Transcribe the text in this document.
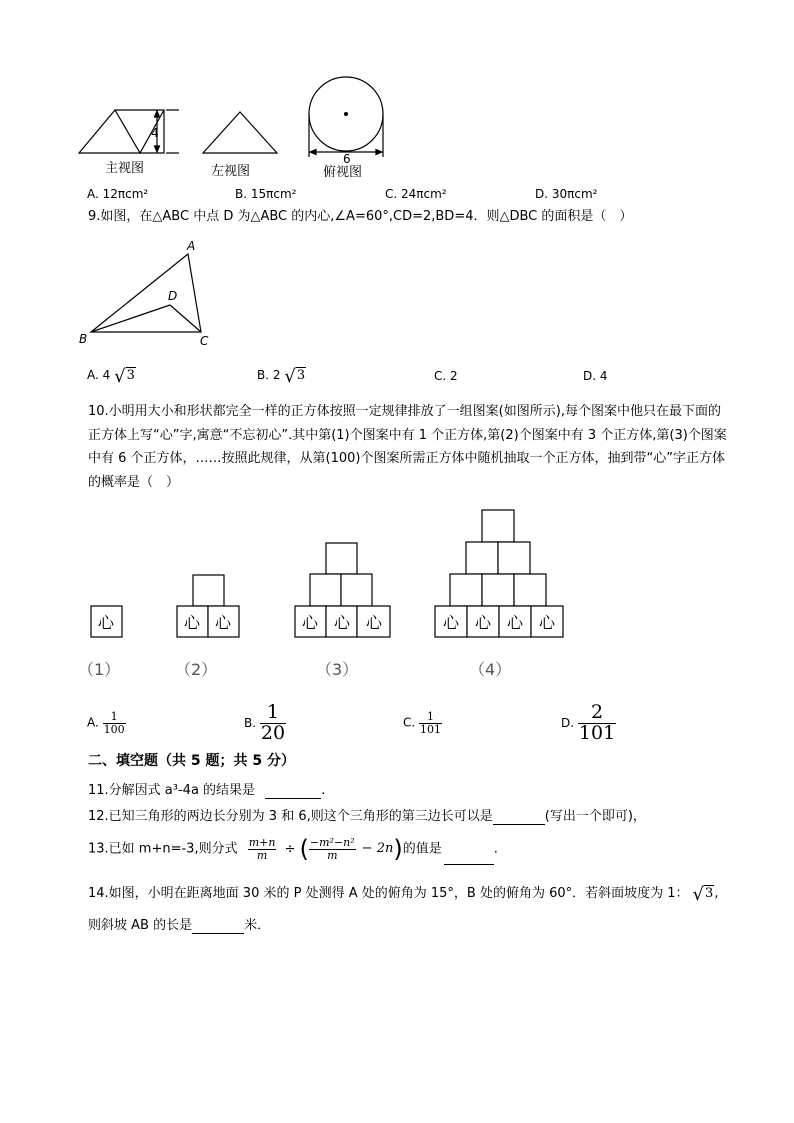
4
6
主视图	左视图	俯视图
A. 12πcm²	B. 15πcm²	C. 24πcm²	D. 30πcm²
9.如图，在△ABC 中点 D 为△ABC 的内心,∠A=60°,CD=2,BD=4．则△DBC 的面积是（　）
A
B	C
D
A. 4 √3	B. 2 √3	C. 2	D. 4
10.小明用大小和形状都完全一样的正方体按照一定规律排放了一组图案(如图所示),每个图案中他只在最下面的正方体上写“心”字,寓意“不忘初心”.其中第(1)个图案中有 1 个正方体,第(2)个图案中有 3 个正方体,第(3)个图案中有 6 个正方体，……按照此规律，从第(100)个图案所需正方体中随机抽取一个正方体，抽到带“心”字正方体的概率是（　）
心	心 心	心 心 心	心 心 心 心
（1）	（2）	（3）	（4）
A. $\frac{1}{100}$	B. $\frac{1}{20}$	C. $\frac{1}{101}$	D. $\frac{2}{101}$
二、填空题（共 5 题；共 5 分）
11.分解因式 a³-4a 的结果是	.
12.已知三角形的两边长分别为 3 和 6,则这个三角形的第三边长可以是	(写出一个即可)，
13.已如 m+n=-3,则分式 $\frac{m+n}{m}$ ÷ ( $\frac{\text{−m²−n²}}{m} - 2n$)的值是	.
14.如图，小明在距离地面 30 米的 P 处测得 A 处的俯角为 15°，B 处的俯角为 60°．若斜面坡度为 1： √3,
则斜坡 AB 的长是	米．
